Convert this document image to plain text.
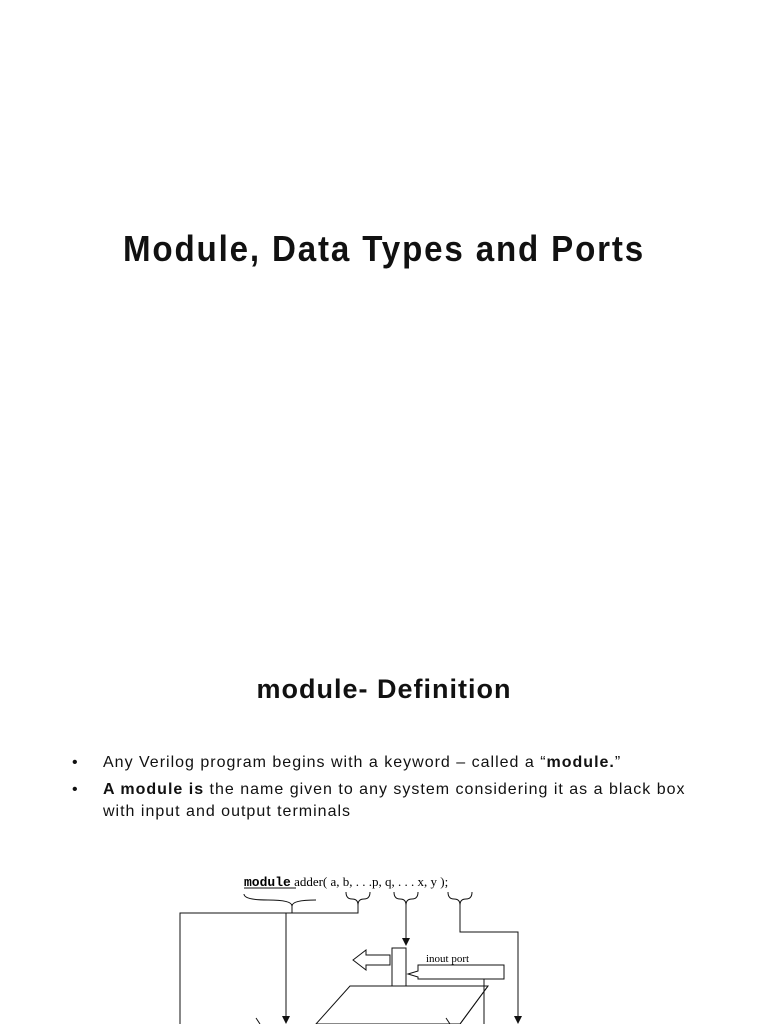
Module, Data Types and Ports
module- Definition
• Any Verilog program begins with a keyword – called a “module.”
• A module is the name given to any system considering it as a black box with input and output terminals
module adder( a, b, . . .p, q, . . . x, y );
inout port
